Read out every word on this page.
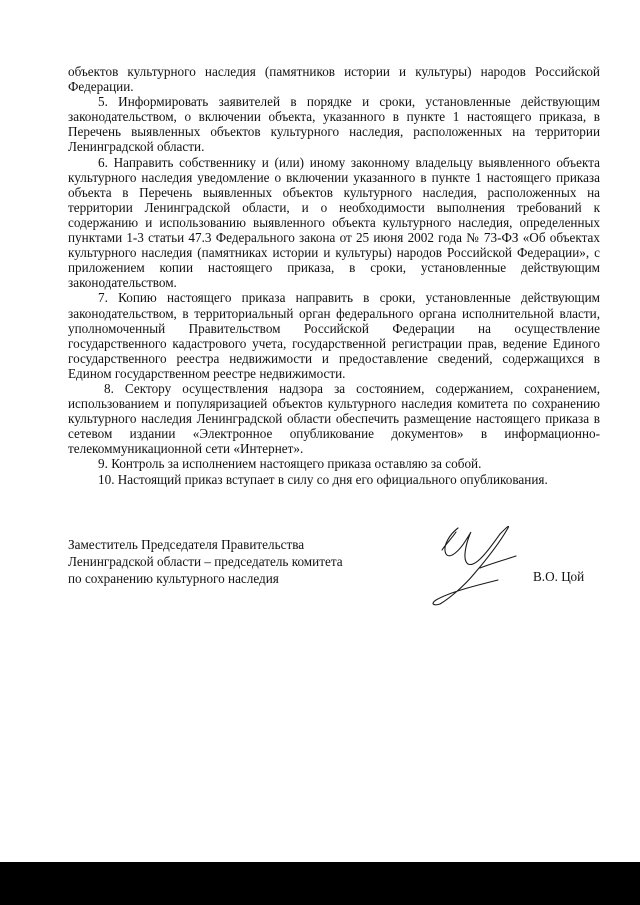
объектов культурного наследия (памятников истории и культуры) народов Российской Федерации.

5. Информировать заявителей в порядке и сроки, установленные действующим законодательством, о включении объекта, указанного в пункте 1 настоящего приказа, в Перечень выявленных объектов культурного наследия, расположенных на территории Ленинградской области.

6. Направить собственнику и (или) иному законному владельцу выявленного объекта культурного наследия уведомление о включении указанного в пункте 1 настоящего приказа объекта в Перечень выявленных объектов культурного наследия, расположенных на территории Ленинградской области, и о необходимости выполнения требований к содержанию и использованию выявленного объекта культурного наследия, определенных пунктами 1-3 статьи 47.3 Федерального закона от 25 июня 2002 года № 73-ФЗ «Об объектах культурного наследия (памятниках истории и культуры) народов Российской Федерации», с приложением копии настоящего приказа, в сроки, установленные действующим законодательством.

7. Копию настоящего приказа направить в сроки, установленные действующим законодательством, в территориальный орган федерального органа исполнительной власти, уполномоченный Правительством Российской Федерации на осуществление государственного кадастрового учета, государственной регистрации прав, ведение Единого государственного реестра недвижимости и предоставление сведений, содержащихся в Едином государственном реестре недвижимости.

8. Сектору осуществления надзора за состоянием, содержанием, сохранением, использованием и популяризацией объектов культурного наследия комитета по сохранению культурного наследия Ленинградской области обеспечить размещение настоящего приказа в сетевом издании «Электронное опубликование документов» в информационно-телекоммуникационной сети «Интернет».

9. Контроль за исполнением настоящего приказа оставляю за собой.

10. Настоящий приказ вступает в силу со дня его официального опубликования.

Заместитель Председателя Правительства
Ленинградской области – председатель комитета
по сохранению культурного наследия	В.О. Цой
